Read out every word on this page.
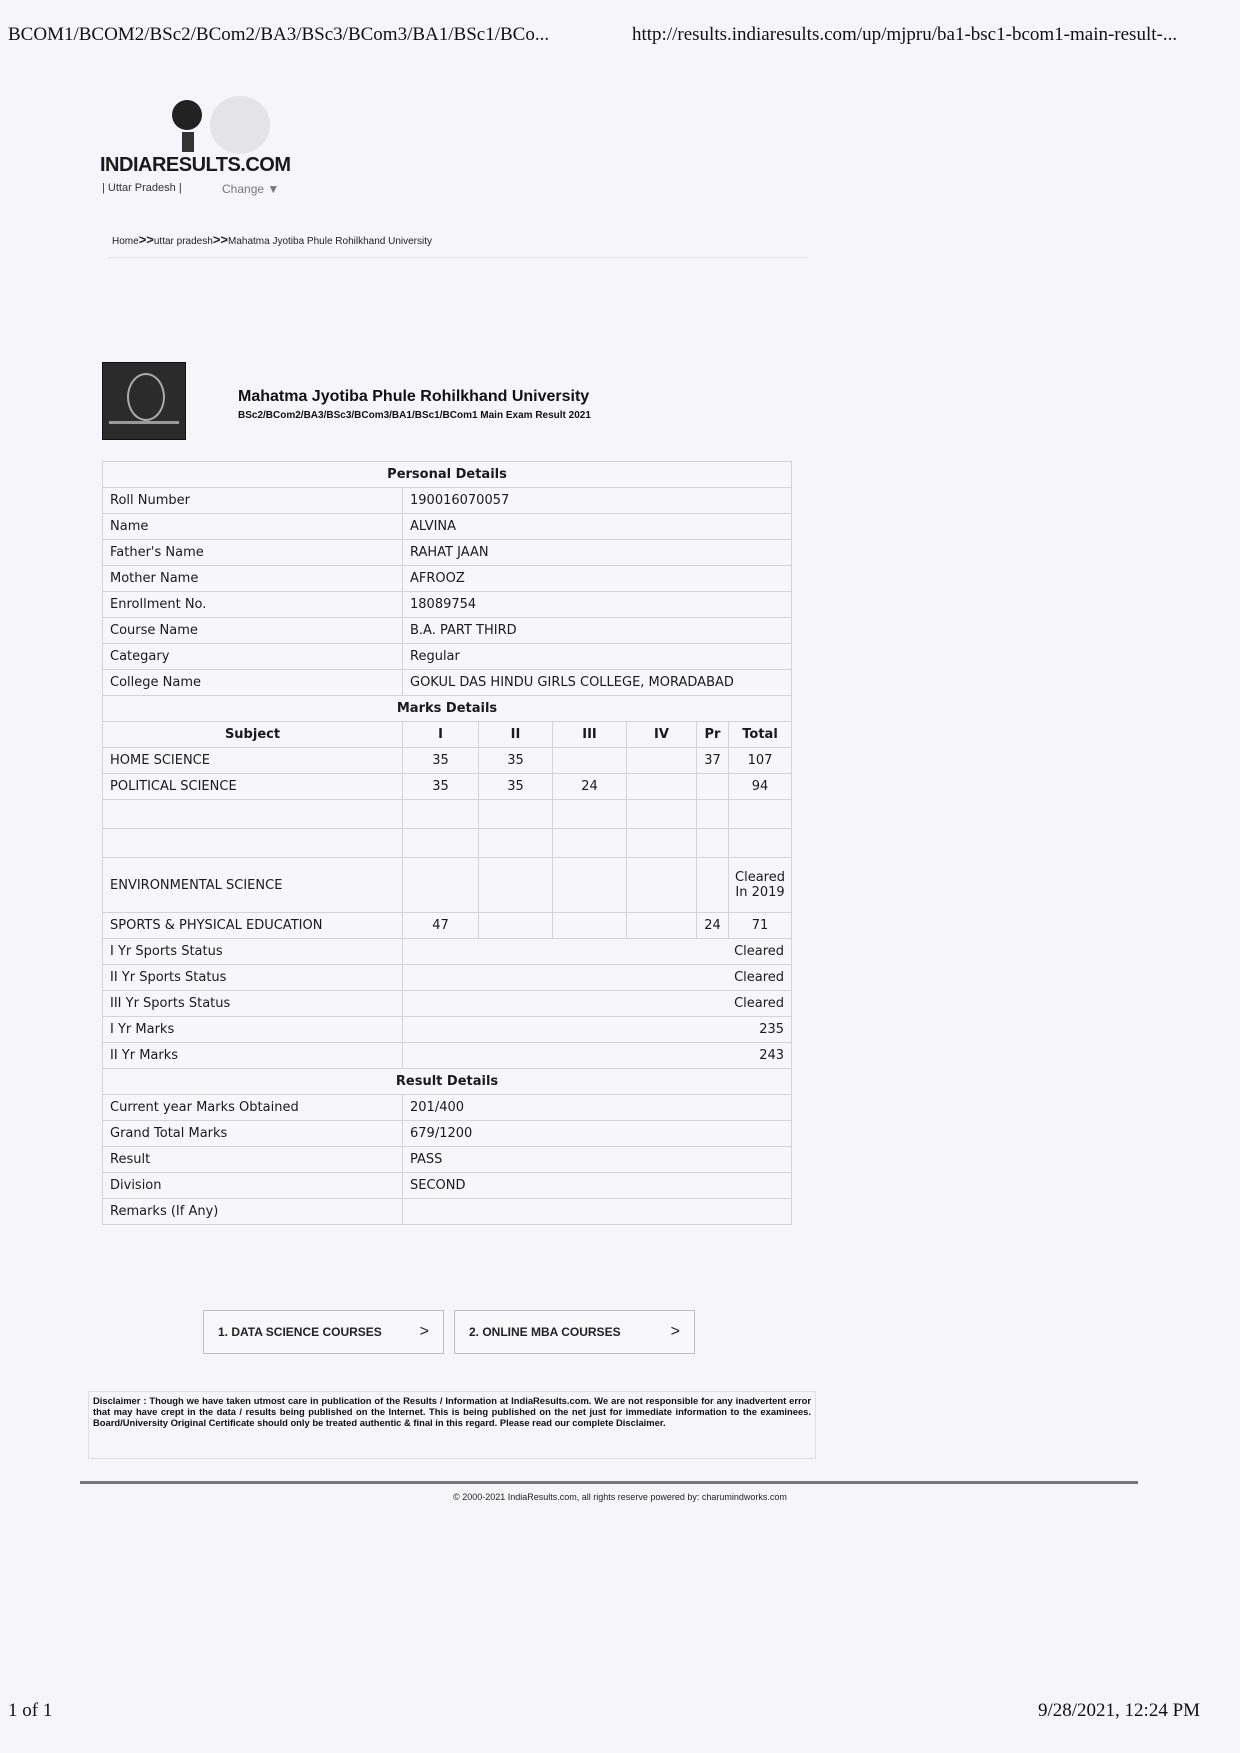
BCOM1/BCOM2/BSc2/BCom2/BA3/BSc3/BCom3/BA1/BSc1/BCo...	http://results.indiaresults.com/up/mjpru/ba1-bsc1-bcom1-main-result-...
1 of 1	9/28/2021, 12:24 PM
INDIARESULTS.COM
| Uttar Pradesh |	Change ▼
Home>>uttar pradesh>>Mahatma Jyotiba Phule Rohilkhand University
Mahatma Jyotiba Phule Rohilkhand University
BSc2/BCom2/BA3/BSc3/BCom3/BA1/BSc1/BCom1 Main Exam Result 2021
Personal Details						
Roll Number	190016070057					
Name	ALVINA					
Father's Name	RAHAT JAAN					
Mother Name	AFROOZ					
Enrollment No.	18089754					
Course Name	B.A. PART THIRD					
Categary	Regular					
College Name	GOKUL DAS HINDU GIRLS COLLEGE, MORADABAD					
Marks Details						
Subject	I	II	III	IV	Pr	Total
HOME SCIENCE	35	35			37	107
POLITICAL SCIENCE	35	35	24			94

ENVIRONMENTAL SCIENCE						Cleared In 2019
SPORTS & PHYSICAL EDUCATION	47				24	71
I Yr Sports Status	Cleared					
II Yr Sports Status	Cleared					
III Yr Sports Status	Cleared					
I Yr Marks	235					
II Yr Marks	243					
Result Details						
Current year Marks Obtained	201/400					
Grand Total Marks	679/1200					
Result	PASS					
Division	SECOND					
Remarks (If Any)						
1. DATA SCIENCE COURSES >	2. ONLINE MBA COURSES	>
Disclaimer : Though we have taken utmost care in publication of the Results / Information at IndiaResults.com. We are not responsible for any inadvertent error that may have crept in the data / results being published on the Internet. This is being published on the net just for immediate information to the examinees. Board/University Original Certificate should only be treated authentic & final in this regard. Please read our complete Disclaimer.
© 2000-2021 IndiaResults.com, all rights reserve powered by: charumindworks.com
